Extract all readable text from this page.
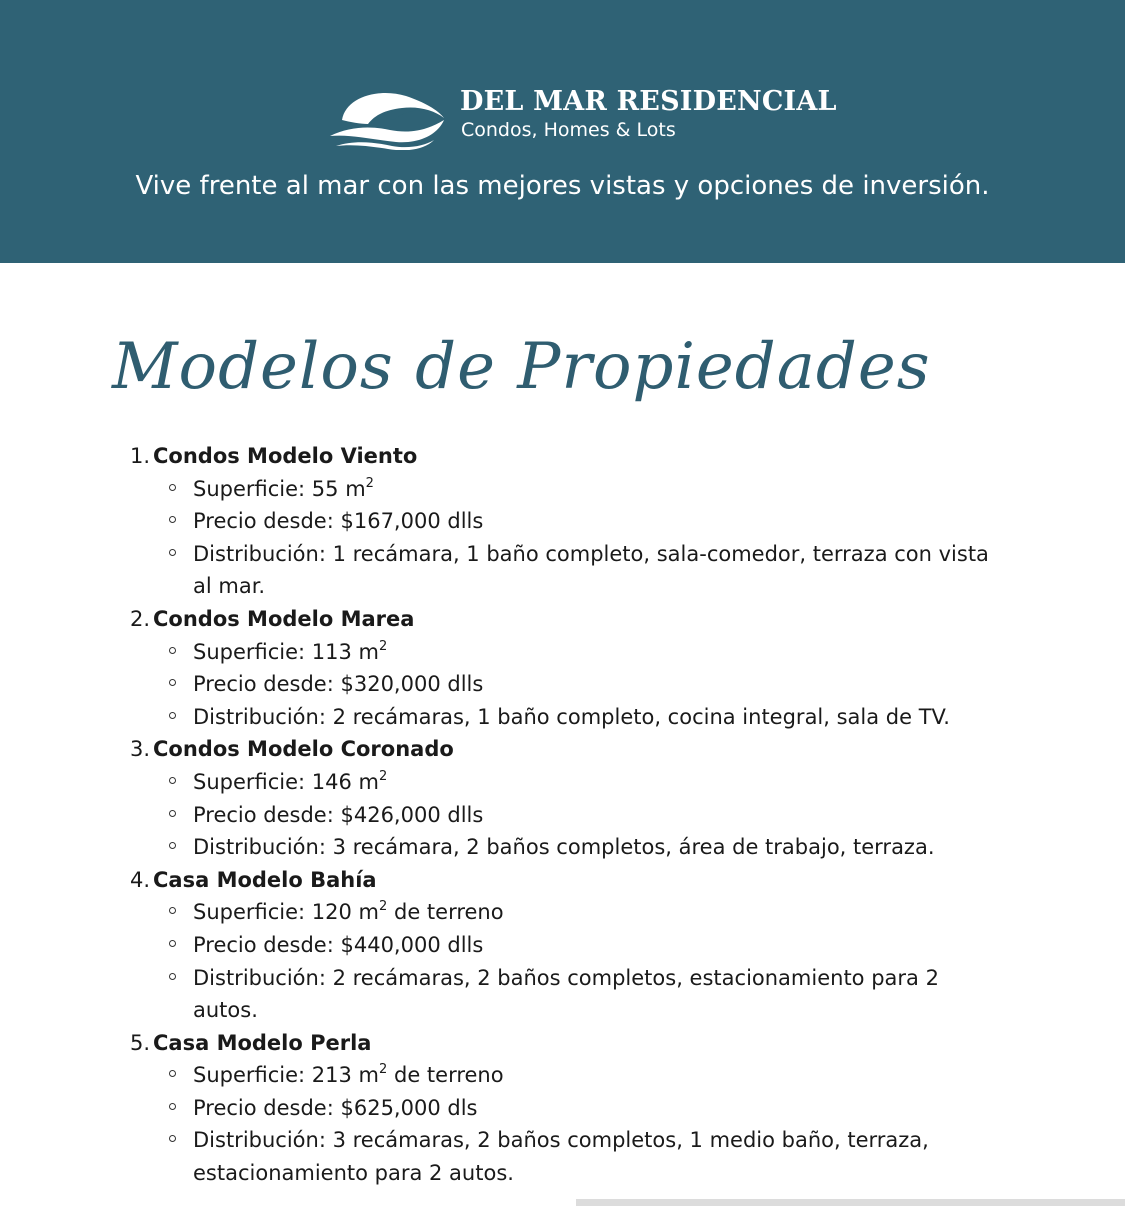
DEL MAR RESIDENCIAL
Condos, Homes & Lots
Vive frente al mar con las mejores vistas y opciones de inversión.
Modelos de Propiedades
1. Condos Modelo Viento
Superficie: 55 $m^2$
Precio desde: $167,000 dlls
Distribución: 1 recámara, 1 baño completo, sala-comedor, terraza con vista al mar.
2. Condos Modelo Marea
Superficie: 113 $m^2$
Precio desde: $320,000 dlls
Distribución: 2 recámaras, 1 baño completo, cocina integral, sala de TV.
3. Condos Modelo Coronado
Superficie: 146 $m^2$
Precio desde: $426,000 dlls
Distribución: 3 recámara, 2 baños completos, área de trabajo, terraza.
4. Casa Modelo Bahía
Superficie: 120 $m^2$ de terreno
Precio desde: $440,000 dlls
Distribución: 2 recámaras, 2 baños completos, estacionamiento para 2 autos.
5. Casa Modelo Perla
Superficie: 213 $m^2$ de terreno
Precio desde: $625,000 dls
Distribución: 3 recámaras, 2 baños completos, 1 medio baño, terraza, estacionamiento para 2 autos.
